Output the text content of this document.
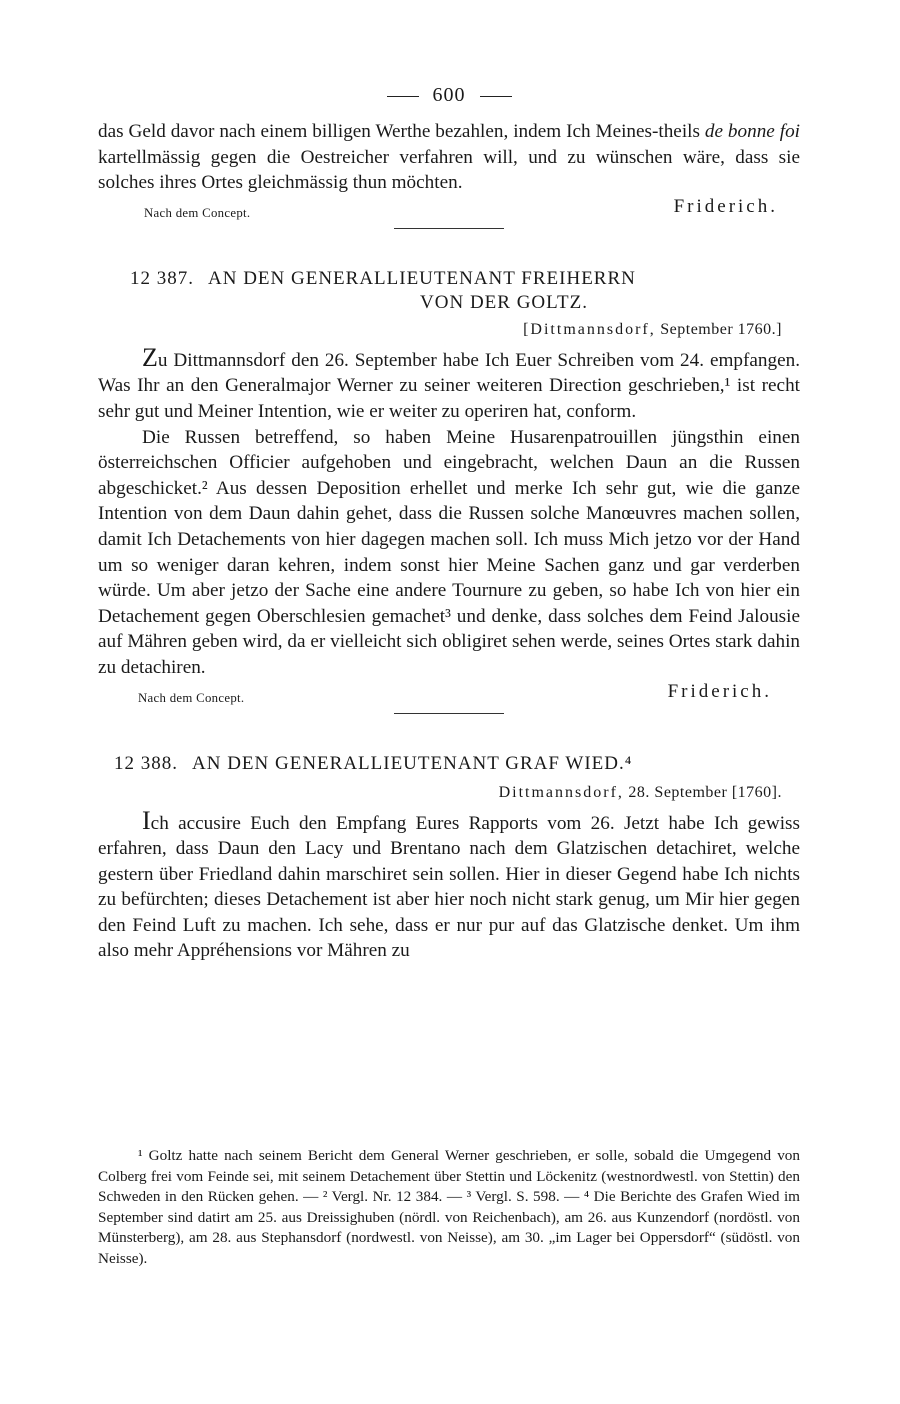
600

das Geld davor nach einem billigen Werthe bezahlen, indem Ich Meines-theils de bonne foi kartellmässig gegen die Oestreicher verfahren will, und zu wünschen wäre, dass sie solches ihres Ortes gleichmässig thun möchten.

Nach dem Concept.	Friderich.
12 387. AN DEN GENERALLIEUTENANT FREIHERRN
VON DER GOLTZ.
[Dittmannsdorf, September 1760.]

Zu Dittmannsdorf den 26. September habe Ich Euer Schreiben vom 24. empfangen. Was Ihr an den Generalmajor Werner zu seiner weiteren Direction geschrieben,¹ ist recht sehr gut und Meiner Intention, wie er weiter zu operiren hat, conform.

Die Russen betreffend, so haben Meine Husarenpatrouillen jüngsthin einen österreichschen Officier aufgehoben und eingebracht, welchen Daun an die Russen abgeschicket.² Aus dessen Deposition erhellet und merke Ich sehr gut, wie die ganze Intention von dem Daun dahin gehet, dass die Russen solche Manœuvres machen sollen, damit Ich Detachements von hier dagegen machen soll. Ich muss Mich jetzo vor der Hand um so weniger daran kehren, indem sonst hier Meine Sachen ganz und gar verderben würde. Um aber jetzo der Sache eine andere Tournure zu geben, so habe Ich von hier ein Detachement gegen Oberschlesien gemachet³ und denke, dass solches dem Feind Jalousie auf Mähren geben wird, da er vielleicht sich obligiret sehen werde, seines Ortes stark dahin zu detachiren.

Nach dem Concept.	Friderich.
12 388. AN DEN GENERALLIEUTENANT GRAF WIED.⁴
Dittmannsdorf, 28. September [1760].

Ich accusire Euch den Empfang Eures Rapports vom 26. Jetzt habe Ich gewiss erfahren, dass Daun den Lacy und Brentano nach dem Glatzischen detachiret, welche gestern über Friedland dahin marschiret sein sollen. Hier in dieser Gegend habe Ich nichts zu befürchten; dieses Detachement ist aber hier noch nicht stark genug, um Mir hier gegen den Feind Luft zu machen. Ich sehe, dass er nur pur auf das Glatzische denket. Um ihm also mehr Appréhensions vor Mähren zu

¹ Goltz hatte nach seinem Bericht dem General Werner geschrieben, er solle, sobald die Umgegend von Colberg frei vom Feinde sei, mit seinem Detachement über Stettin und Löckenitz (westnordwestl. von Stettin) den Schweden in den Rücken gehen. — ² Vergl. Nr. 12 384. — ³ Vergl. S. 598. — ⁴ Die Berichte des Grafen Wied im September sind datirt am 25. aus Dreissighuben (nördl. von Reichenbach), am 26. aus Kunzendorf (nordöstl. von Münsterberg), am 28. aus Stephansdorf (nordwestl. von Neisse), am 30. „im Lager bei Oppersdorf“ (südöstl. von Neisse).
